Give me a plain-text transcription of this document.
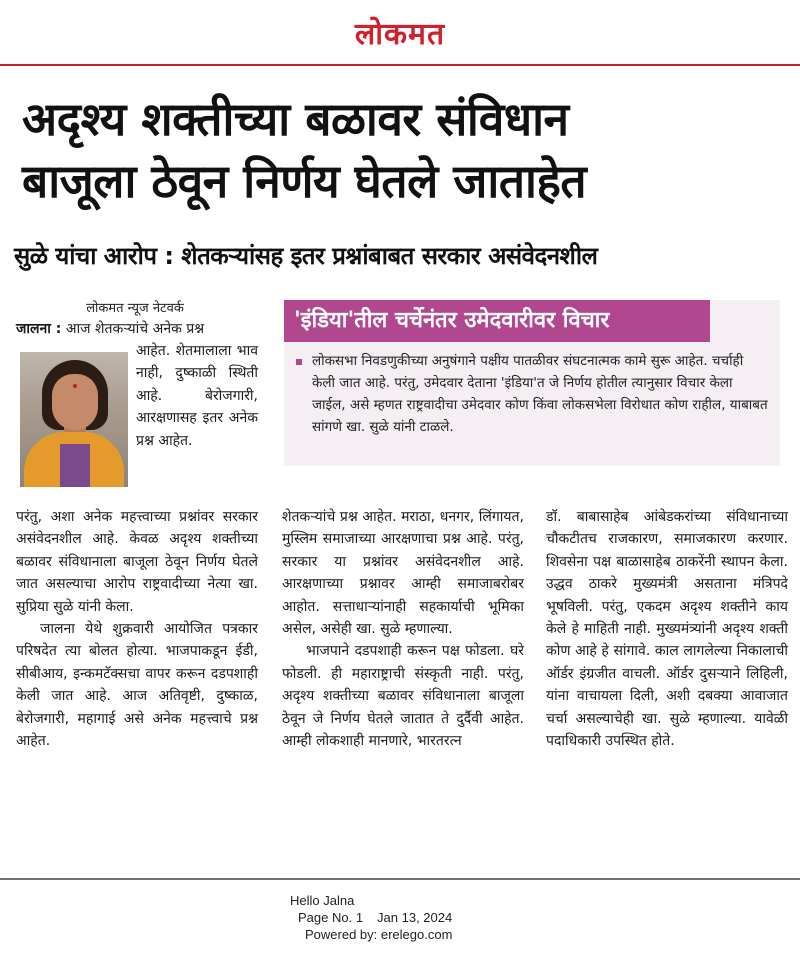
लोकमत
अदृश्य शक्तीच्या बळावर संविधान
बाजूला ठेवून निर्णय घेतले जाताहेत
सुळे यांचा आरोप : शेतकऱ्यांसह इतर प्रश्नांबाबत सरकार असंवेदनशील
लोकमत न्यूज नेटवर्क
जालना : आज शेतकऱ्यांचे अनेक प्रश्न
आहेत. शेतमालाला भाव नाही, दुष्काळी स्थिती आहे. बेरोजगारी, आरक्षणासह इतर अनेक प्रश्न आहेत.

परंतु, अशा अनेक महत्त्वाच्या प्रश्नांवर सरकार असंवेदनशील आहे. केवळ अदृश्य शक्तीच्या बळावर संविधानाला बाजूला ठेवून निर्णय घेतले जात असल्याचा आरोप राष्ट्रवादीच्या नेत्या खा. सुप्रिया सुळे यांनी केला.

जालना येथे शुक्रवारी आयोजित पत्रकार परिषदेत त्या बोलत होत्या. भाजपाकडून ईडी, सीबीआय, इन्कमटॅक्सचा वापर करून दडपशाही केली जात आहे. आज अतिवृष्टी, दुष्काळ, बेरोजगारी, महागाई असे अनेक महत्त्वाचे प्रश्न आहेत.

'इंडिया'तील चर्चेनंतर उमेदवारीवर विचार
लोकसभा निवडणुकीच्या अनुषंगाने पक्षीय पातळीवर संघटनात्मक कामे सुरू आहेत. चर्चाही केली जात आहे. परंतु, उमेदवार देताना 'इंडिया'त जे निर्णय होतील त्यानुसार विचार केला जाईल, असे म्हणत राष्ट्रवादीचा उमेदवार कोण किंवा लोकसभेला विरोधात कोण राहील, याबाबत सांगणे खा. सुळे यांनी टाळले.

शेतकऱ्यांचे प्रश्न आहेत. मराठा, धनगर, लिंगायत, मुस्लिम समाजाच्या आरक्षणाचा प्रश्न आहे. परंतु, सरकार या प्रश्नांवर असंवेदनशील आहे. आरक्षणाच्या प्रश्नावर आम्ही समाजाबरोबर आहोत. सत्ताधाऱ्यांनाही सहकार्याची भूमिका असेल, असेही खा. सुळे म्हणाल्या.

भाजपाने दडपशाही करून पक्ष फोडला. घरे फोडली. ही महाराष्ट्राची संस्कृती नाही. परंतु, अदृश्य शक्तीच्या बळावर संविधानाला बाजूला ठेवून जे निर्णय घेतले जातात ते दुर्दैवी आहेत. आम्ही लोकशाही मानणारे, भारतरत्न

डॉ. बाबासाहेब आंबेडकरांच्या संविधानाच्या चौकटीतच राजकारण, समाजकारण करणार. शिवसेना पक्ष बाळासाहेब ठाकरेंनी स्थापन केला. उद्धव ठाकरे मुख्यमंत्री असताना मंत्रिपदे भूषविली. परंतु, एकदम अदृश्य शक्तीने काय केले हे माहिती नाही. मुख्यमंत्र्यांनी अदृश्य शक्ती कोण आहे हे सांगावे. काल लागलेल्या निकालाची ऑर्डर इंग्रजीत वाचली. ऑर्डर दुसऱ्याने लिहिली, यांना वाचायला दिली, अशी दबक्या आवाजात चर्चा असल्याचेही खा. सुळे म्हणाल्या. यावेळी पदाधिकारी उपस्थित होते.

Hello Jalna
Page No. 1 Jan 13, 2024
Powered by: erelego.com
